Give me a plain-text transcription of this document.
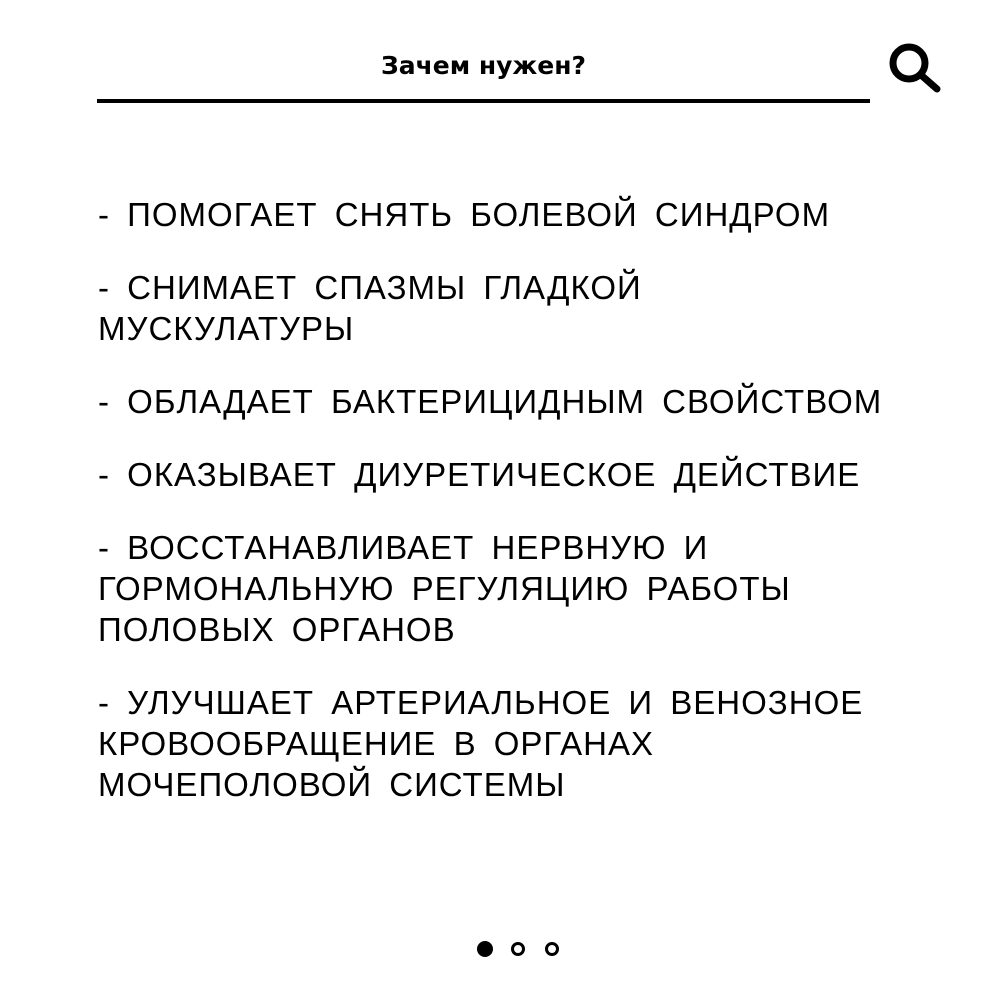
Зачем нужен?

- ПОМОГАЕТ СНЯТЬ БОЛЕВОЙ СИНДРОМ

- СНИМАЕТ СПАЗМЫ ГЛАДКОЙ
МУСКУЛАТУРЫ

- ОБЛАДАЕТ БАКТЕРИЦИДНЫМ СВОЙСТВОМ

- ОКАЗЫВАЕТ ДИУРЕТИЧЕСКОЕ ДЕЙСТВИЕ

- ВОССТАНАВЛИВАЕТ НЕРВНУЮ И
ГОРМОНАЛЬНУЮ РЕГУЛЯЦИЮ РАБОТЫ
ПОЛОВЫХ ОРГАНОВ

- УЛУЧШАЕТ АРТЕРИАЛЬНОЕ И ВЕНОЗНОЕ
КРОВООБРАЩЕНИЕ В ОРГАНАХ
МОЧЕПОЛОВОЙ СИСТЕМЫ
